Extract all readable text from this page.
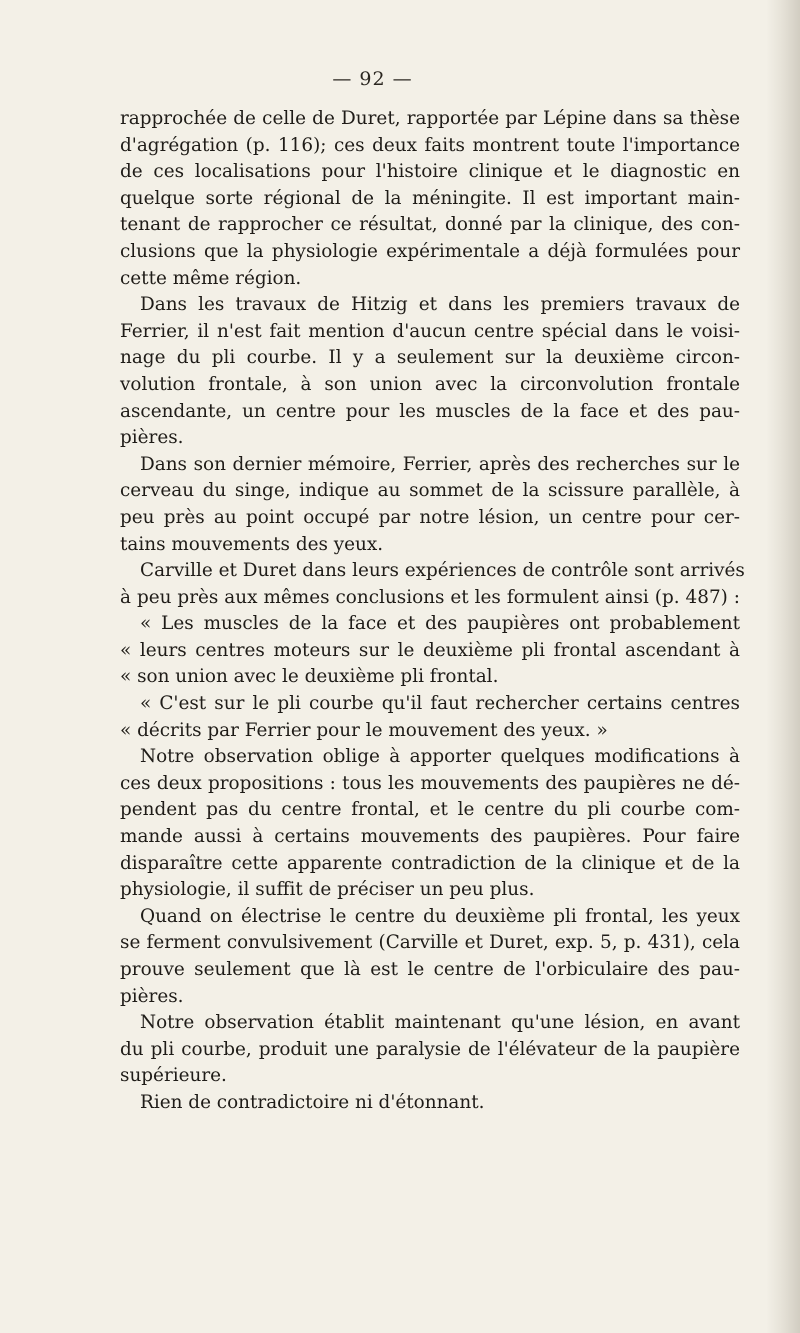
— 92 —
rapprochée de celle de Duret, rapportée par Lépine dans sa thèse
d'agrégation (p. 116); ces deux faits montrent toute l'importance
de ces localisations pour l'histoire clinique et le diagnostic en
quelque sorte régional de la méningite. Il est important main-
tenant de rapprocher ce résultat, donné par la clinique, des con-
clusions que la physiologie expérimentale a déjà formulées pour
cette même région.
Dans les travaux de Hitzig et dans les premiers travaux de
Ferrier, il n'est fait mention d'aucun centre spécial dans le voisi-
nage du pli courbe. Il y a seulement sur la deuxième circon-
volution frontale, à son union avec la circonvolution frontale
ascendante, un centre pour les muscles de la face et des pau-
pières.
Dans son dernier mémoire, Ferrier, après des recherches sur le
cerveau du singe, indique au sommet de la scissure parallèle, à
peu près au point occupé par notre lésion, un centre pour cer-
tains mouvements des yeux.
Carville et Duret dans leurs expériences de contrôle sont arrivés
à peu près aux mêmes conclusions et les formulent ainsi (p. 487) :
« Les muscles de la face et des paupières ont probablement
« leurs centres moteurs sur le deuxième pli frontal ascendant à
« son union avec le deuxième pli frontal.
« C'est sur le pli courbe qu'il faut rechercher certains centres
« décrits par Ferrier pour le mouvement des yeux. »
Notre observation oblige à apporter quelques modifications à
ces deux propositions : tous les mouvements des paupières ne dé-
pendent pas du centre frontal, et le centre du pli courbe com-
mande aussi à certains mouvements des paupières. Pour faire
disparaître cette apparente contradiction de la clinique et de la
physiologie, il suffit de préciser un peu plus.
Quand on électrise le centre du deuxième pli frontal, les yeux
se ferment convulsivement (Carville et Duret, exp. 5, p. 431), cela
prouve seulement que là est le centre de l'orbiculaire des pau-
pières.
Notre observation établit maintenant qu'une lésion, en avant
du pli courbe, produit une paralysie de l'élévateur de la paupière
supérieure.
Rien de contradictoire ni d'étonnant.
